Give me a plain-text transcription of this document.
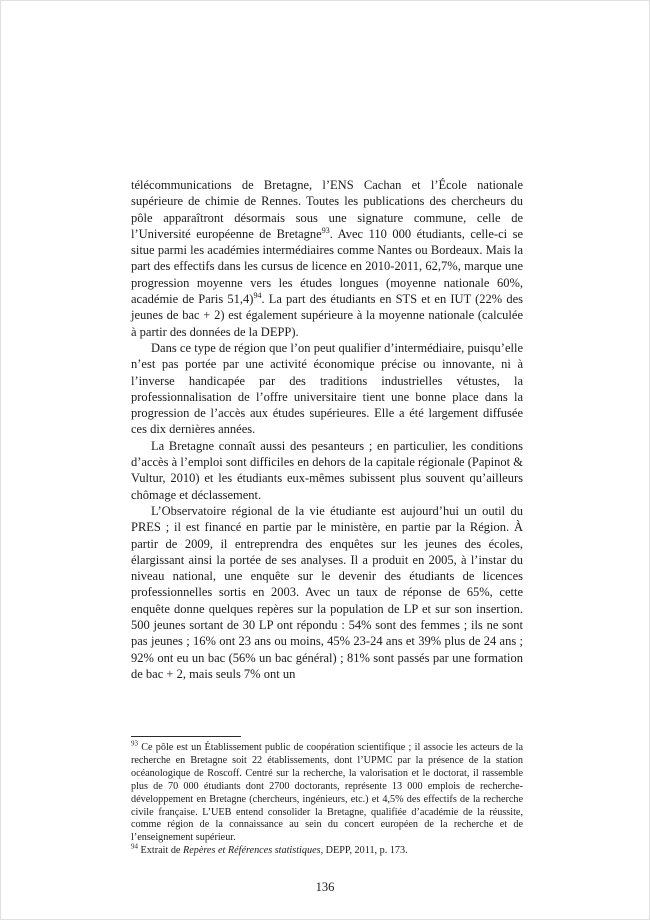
télécommunications de Bretagne, l’ENS Cachan et l’École nationale supérieure de chimie de Rennes. Toutes les publications des chercheurs du pôle apparaîtront désormais sous une signature commune, celle de l’Université européenne de Bretagne$^{93}$. Avec 110 000 étudiants, celle-ci se situe parmi les académies intermédiaires comme Nantes ou Bordeaux. Mais la part des effectifs dans les cursus de licence en 2010-2011, 62,7%, marque une progression moyenne vers les études longues (moyenne nationale 60%, académie de Paris 51,4)$^{94}$. La part des étudiants en STS et en IUT (22% des jeunes de bac + 2) est également supérieure à la moyenne nationale (calculée à partir des données de la DEPP).

Dans ce type de région que l’on peut qualifier d’intermédiaire, puisqu’elle n’est pas portée par une activité économique précise ou innovante, ni à l’inverse handicapée par des traditions industrielles vétustes, la professionnalisation de l’offre universitaire tient une bonne place dans la progression de l’accès aux études supérieures. Elle a été largement diffusée ces dix dernières années.

La Bretagne connaît aussi des pesanteurs ; en particulier, les conditions d’accès à l’emploi sont difficiles en dehors de la capitale régionale (Papinot & Vultur, 2010) et les étudiants eux-mêmes subissent plus souvent qu’ailleurs chômage et déclassement.

L’Observatoire régional de la vie étudiante est aujourd’hui un outil du PRES ; il est financé en partie par le ministère, en partie par la Région. À partir de 2009, il entreprendra des enquêtes sur les jeunes des écoles, élargissant ainsi la portée de ses analyses. Il a produit en 2005, à l’instar du niveau national, une enquête sur le devenir des étudiants de licences professionnelles sortis en 2003. Avec un taux de réponse de 65%, cette enquête donne quelques repères sur la population de LP et sur son insertion. 500 jeunes sortant de 30 LP ont répondu : 54% sont des femmes ; ils ne sont pas jeunes ; 16% ont 23 ans ou moins, 45% 23-24 ans et 39% plus de 24 ans ; 92% ont eu un bac (56% un bac général) ; 81% sont passés par une formation de bac + 2, mais seuls 7% ont un

$^{93}$ Ce pôle est un Établissement public de coopération scientifique ; il associe les acteurs de la recherche en Bretagne soit 22 établissements, dont l’UPMC par la présence de la station océanologique de Roscoff. Centré sur la recherche, la valorisation et le doctorat, il rassemble plus de 70 000 étudiants dont 2700 doctorants, représente 13 000 emplois de recherche-développement en Bretagne (chercheurs, ingénieurs, etc.) et 4,5% des effectifs de la recherche civile française. L’UEB entend consolider la Bretagne, qualifiée d’académie de la réussite, comme région de la connaissance au sein du concert européen de la recherche et de l’enseignement supérieur.

$^{94}$ Extrait de Repères et Références statistiques, DEPP, 2011, p. 173.

136
